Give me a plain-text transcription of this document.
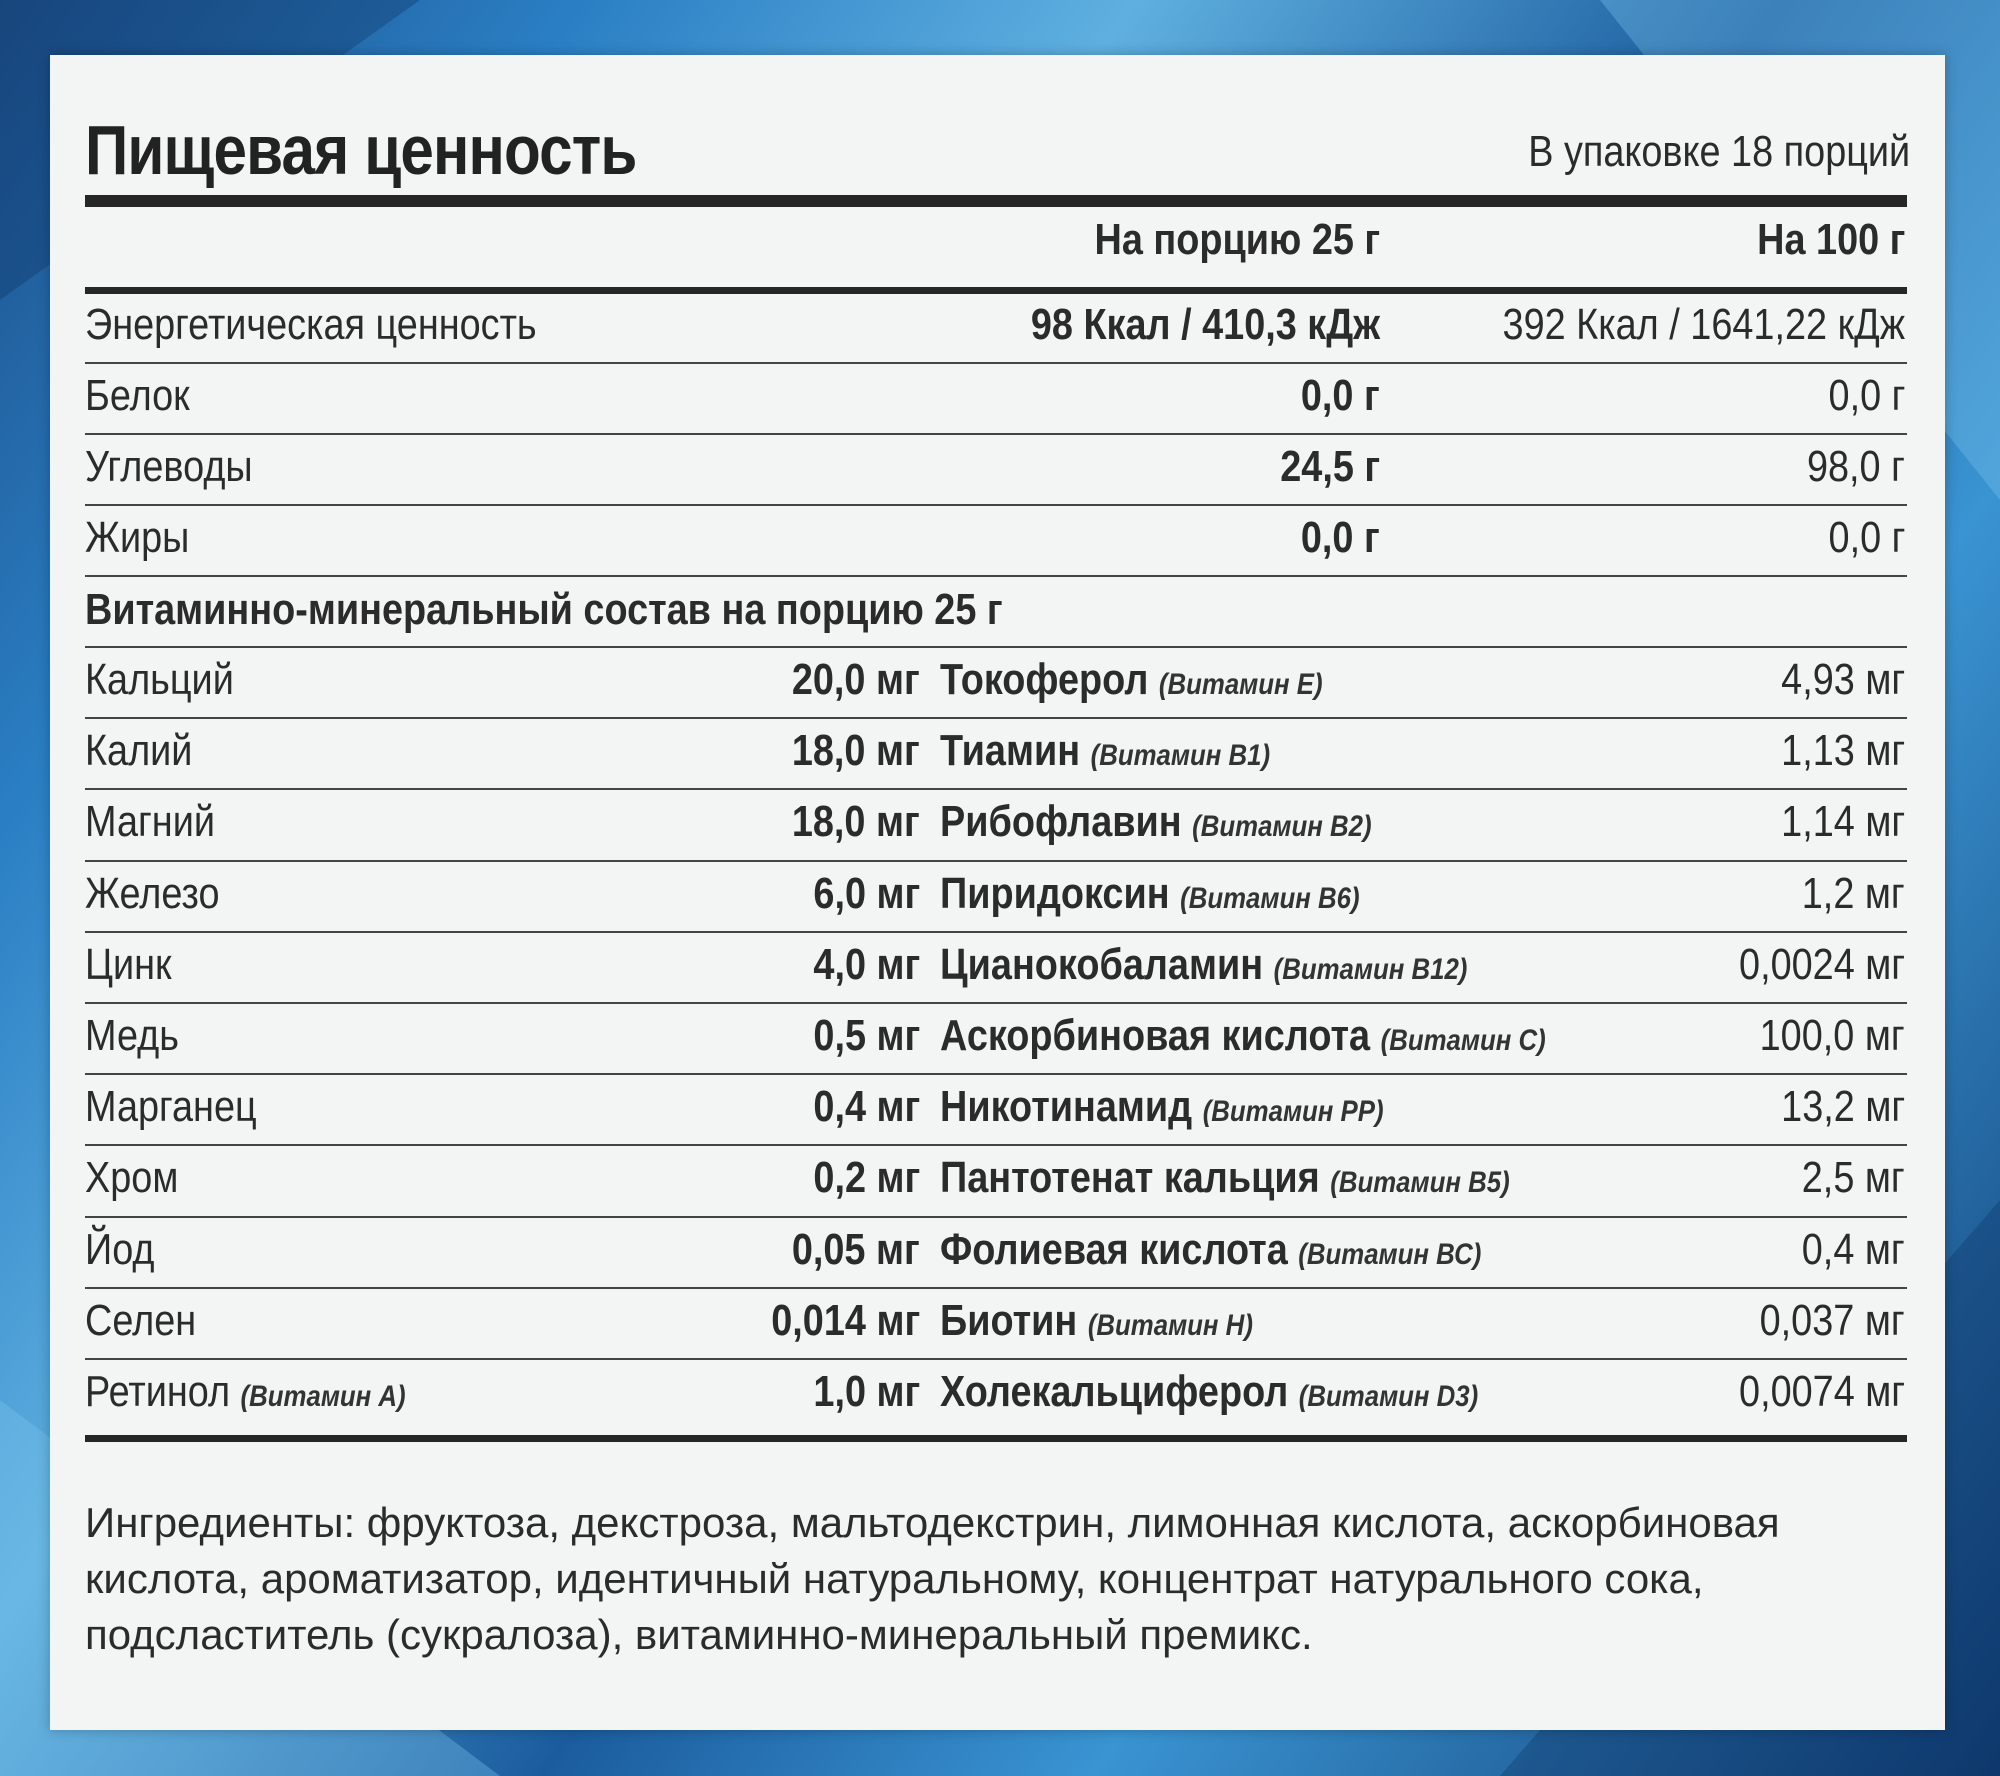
Пищевая ценность	В упаковке 18 порций
На порцию 25 г	На 100 г
Энергетическая ценность	98 Ккал / 410,3 кДж	392 Ккал / 1641,22 кДж
Белок	0,0 г	0,0 г
Углеводы	24,5 г	98,0 г
Жиры	0,0 г	0,0 г
Витаминно-минеральный состав на порцию 25 г
Кальций	20,0 мг Токоферол (Витамин Е)	4,93 мг
Калий	18,0 мг Тиамин (Витамин В1)	1,13 мг
Магний	18,0 мг Рибофлавин (Витамин В2)	1,14 мг
Железо	6,0 мг Пиридоксин (Витамин В6)	1,2 мг
Цинк	4,0 мг Цианокобаламин (Витамин В12)	0,0024 мг
Медь	0,5 мг Аскорбиновая кислота (Витамин С)	100,0 мг
Марганец	0,4 мг Никотинамид (Витамин РР)	13,2 мг
Хром	0,2 мг Пантотенат кальция (Витамин В5)	2,5 мг
Йод	0,05 мг Фолиевая кислота (Витамин ВС)	0,4 мг
Селен	0,014 мг Биотин (Витамин Н)	0,037 мг
Ретинол (Витамин А)	1,0 мг Холекальциферол (Витамин D3)	0,0074 мг
Ингредиенты: фруктоза, декстроза, мальтодекстрин, лимонная кислота, аскорбиновая кислота, ароматизатор, идентичный натуральному, концентрат натурального сока, подсластитель (сукралоза), витаминно-минеральный премикс.
